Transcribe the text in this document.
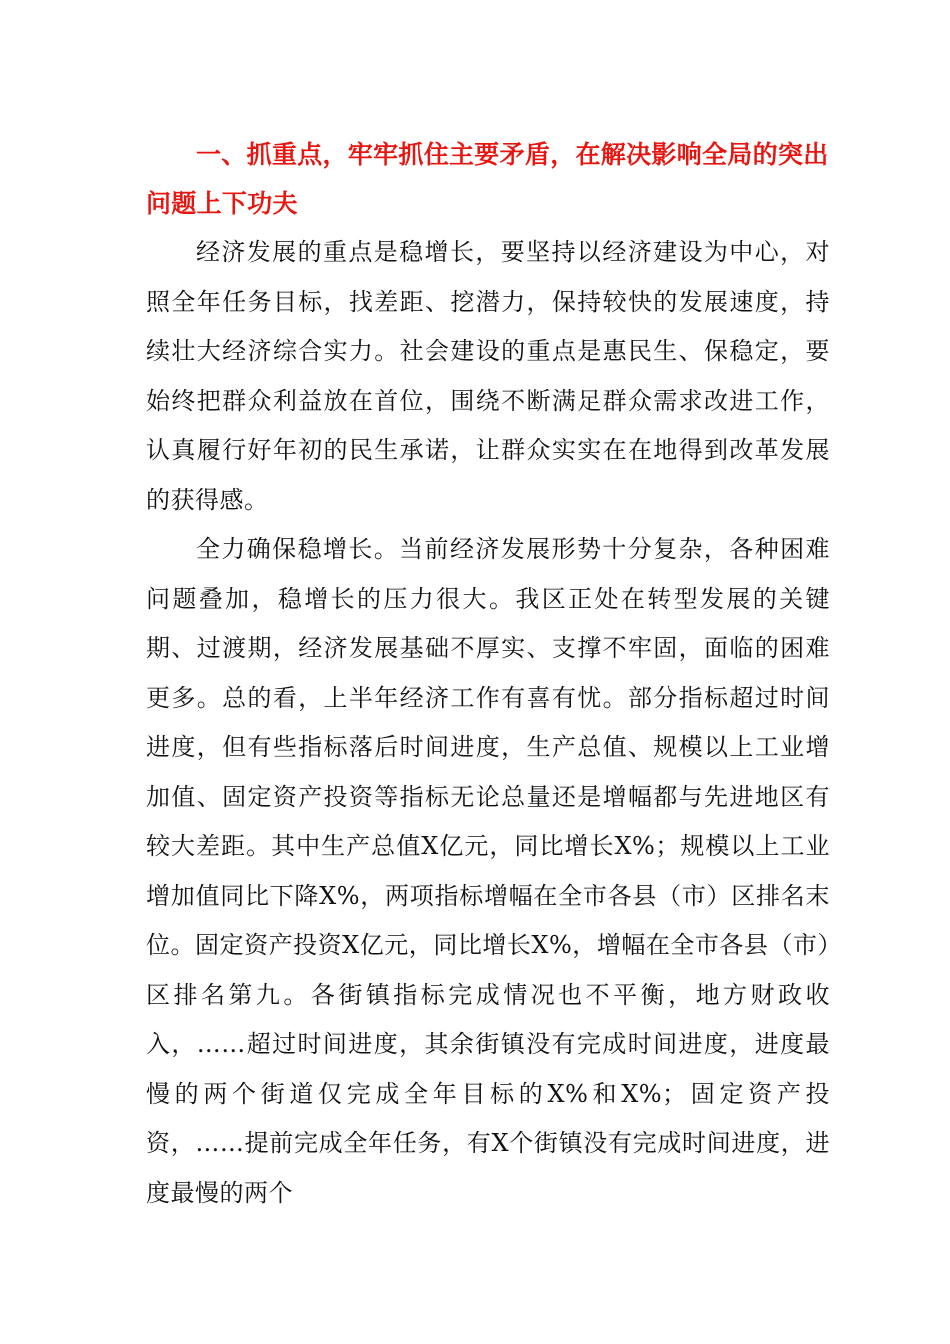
一、抓重点，牢牢抓住主要矛盾，在解决影响全局的突出问题上下功夫

经济发展的重点是稳增长，要坚持以经济建设为中心，对照全年任务目标，找差距、挖潜力，保持较快的发展速度，持续壮大经济综合实力。社会建设的重点是惠民生、保稳定，要始终把群众利益放在首位，围绕不断满足群众需求改进工作，认真履行好年初的民生承诺，让群众实实在在地得到改革发展的获得感。

全力确保稳增长。当前经济发展形势十分复杂，各种困难问题叠加，稳增长的压力很大。我区正处在转型发展的关键期、过渡期，经济发展基础不厚实、支撑不牢固，面临的困难更多。总的看，上半年经济工作有喜有忧。部分指标超过时间进度，但有些指标落后时间进度，生产总值、规模以上工业增加值、固定资产投资等指标无论总量还是增幅都与先进地区有较大差距。其中生产总值X亿元，同比增长X%；规模以上工业增加值同比下降X%，两项指标增幅在全市各县（市）区排名末位。固定资产投资X亿元，同比增长X%，增幅在全市各县（市）区排名第九。各街镇指标完成情况也不平衡，地方财政收入，……超过时间进度，其余街镇没有完成时间进度，进度最慢的两个街道仅完成全年目标的X%和X%；固定资产投资，……提前完成全年任务，有X个街镇没有完成时间进度，进度最慢的两个
